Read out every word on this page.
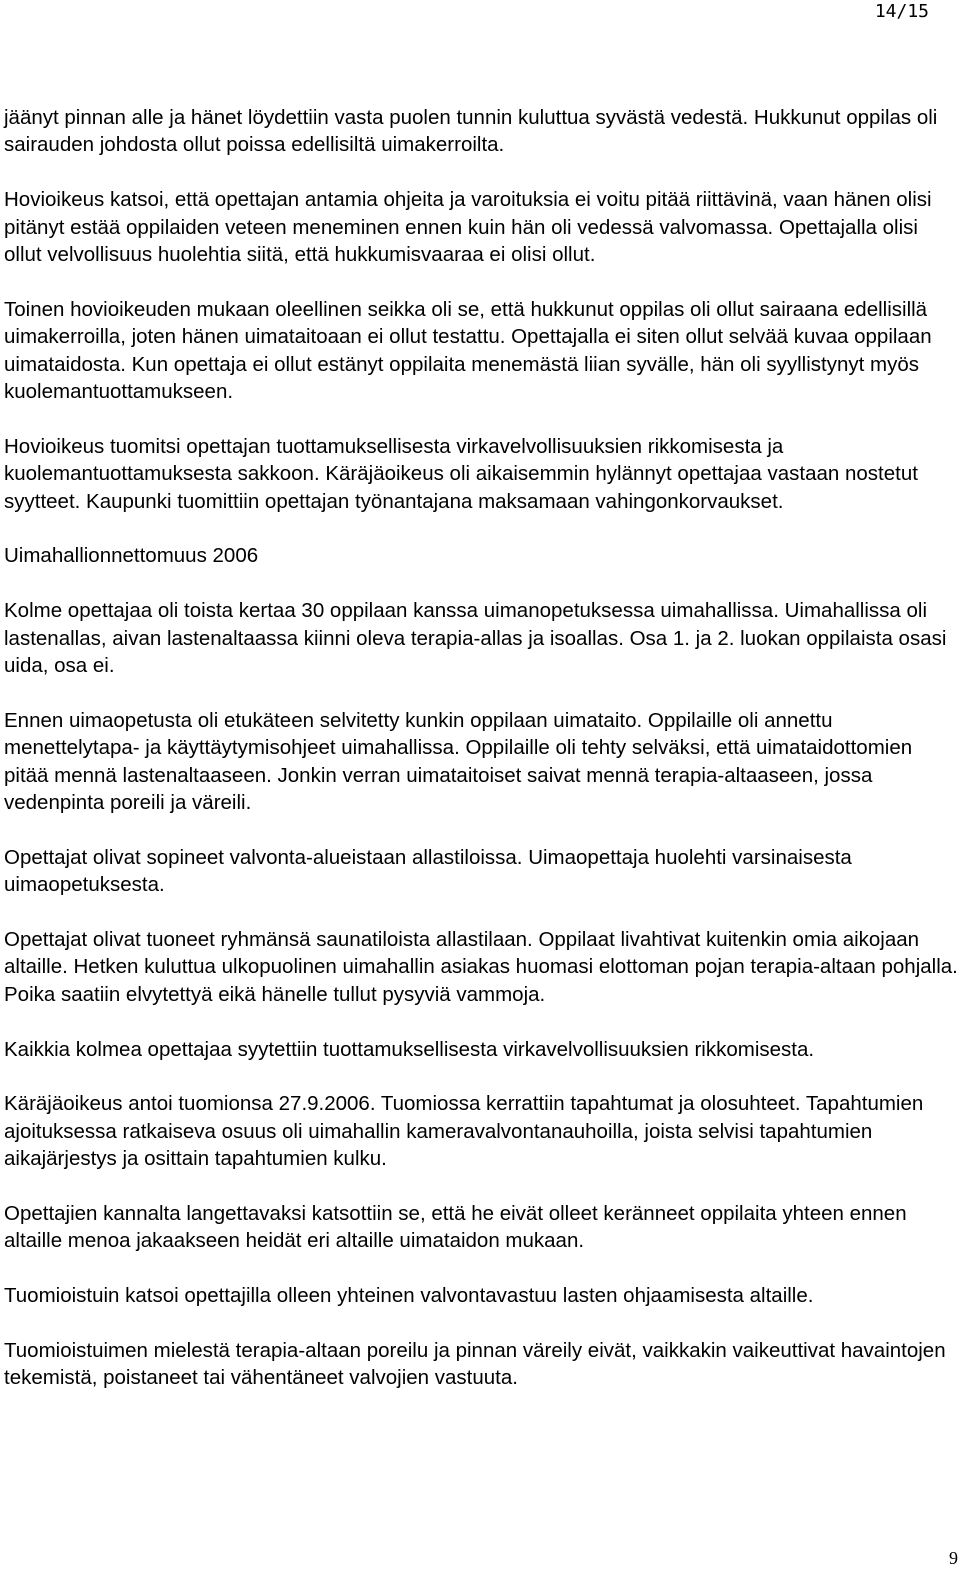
14/15

jäänyt pinnan alle ja hänet löydettiin vasta puolen tunnin kuluttua syvästä vedestä. Hukkunut oppilas oli sairauden johdosta ollut poissa edellisiltä uimakerroilta.

Hovioikeus katsoi, että opettajan antamia ohjeita ja varoituksia ei voitu pitää riittävinä, vaan hänen olisi pitänyt estää oppilaiden veteen meneminen ennen kuin hän oli vedessä valvomassa. Opettajalla olisi ollut velvollisuus huolehtia siitä, että hukkumisvaaraa ei olisi ollut.

Toinen hovioikeuden mukaan oleellinen seikka oli se, että hukkunut oppilas oli ollut sairaana edellisillä uimakerroilla, joten hänen uimataitoaan ei ollut testattu. Opettajalla ei siten ollut selvää kuvaa oppilaan uimataidosta. Kun opettaja ei ollut estänyt oppilaita menemästä liian syvälle, hän oli syyllistynyt myös kuolemantuottamukseen.

Hovioikeus tuomitsi opettajan tuottamuksellisesta virkavelvollisuuksien rikkomisesta ja kuolemantuottamuksesta sakkoon. Käräjäoikeus oli aikaisemmin hylännyt opettajaa vastaan nostetut syytteet. Kaupunki tuomittiin opettajan työnantajana maksamaan vahingonkorvaukset.

Uimahallionnettomuus 2006

Kolme opettajaa oli toista kertaa 30 oppilaan kanssa uimanopetuksessa uimahallissa. Uimahallissa oli lastenallas, aivan lastenaltaassa kiinni oleva terapia-allas ja isoallas. Osa 1. ja 2. luokan oppilaista osasi uida, osa ei.

Ennen uimaopetusta oli etukäteen selvitetty kunkin oppilaan uimataito. Oppilaille oli annettu menettelytapa- ja käyttäytymisohjeet uimahallissa. Oppilaille oli tehty selväksi, että uimataidottomien pitää mennä lastenaltaaseen. Jonkin verran uimataitoiset saivat mennä terapia-altaaseen, jossa vedenpinta poreili ja väreili.

Opettajat olivat sopineet valvonta-alueistaan allastiloissa. Uimaopettaja huolehti varsinaisesta uimaopetuksesta.

Opettajat olivat tuoneet ryhmänsä saunatiloista allastilaan. Oppilaat livahtivat kuitenkin omia aikojaan altaille. Hetken kuluttua ulkopuolinen uimahallin asiakas huomasi elottoman pojan terapia-altaan pohjalla. Poika saatiin elvytettyä eikä hänelle tullut pysyviä vammoja.

Kaikkia kolmea opettajaa syytettiin tuottamuksellisesta virkavelvollisuuksien rikkomisesta.

Käräjäoikeus antoi tuomionsa 27.9.2006. Tuomiossa kerrattiin tapahtumat ja olosuhteet. Tapahtumien ajoituksessa ratkaiseva osuus oli uimahallin kameravalvontanauhoilla, joista selvisi tapahtumien aikajärjestys ja osittain tapahtumien kulku.

Opettajien kannalta langettavaksi katsottiin se, että he eivät olleet keränneet oppilaita yhteen ennen altaille menoa jakaakseen heidät eri altaille uimataidon mukaan.

Tuomioistuin katsoi opettajilla olleen yhteinen valvontavastuu lasten ohjaamisesta altaille.

Tuomioistuimen mielestä terapia-altaan poreilu ja pinnan väreily eivät, vaikkakin vaikeuttivat havaintojen tekemistä, poistaneet tai vähentäneet valvojien vastuuta.

9
